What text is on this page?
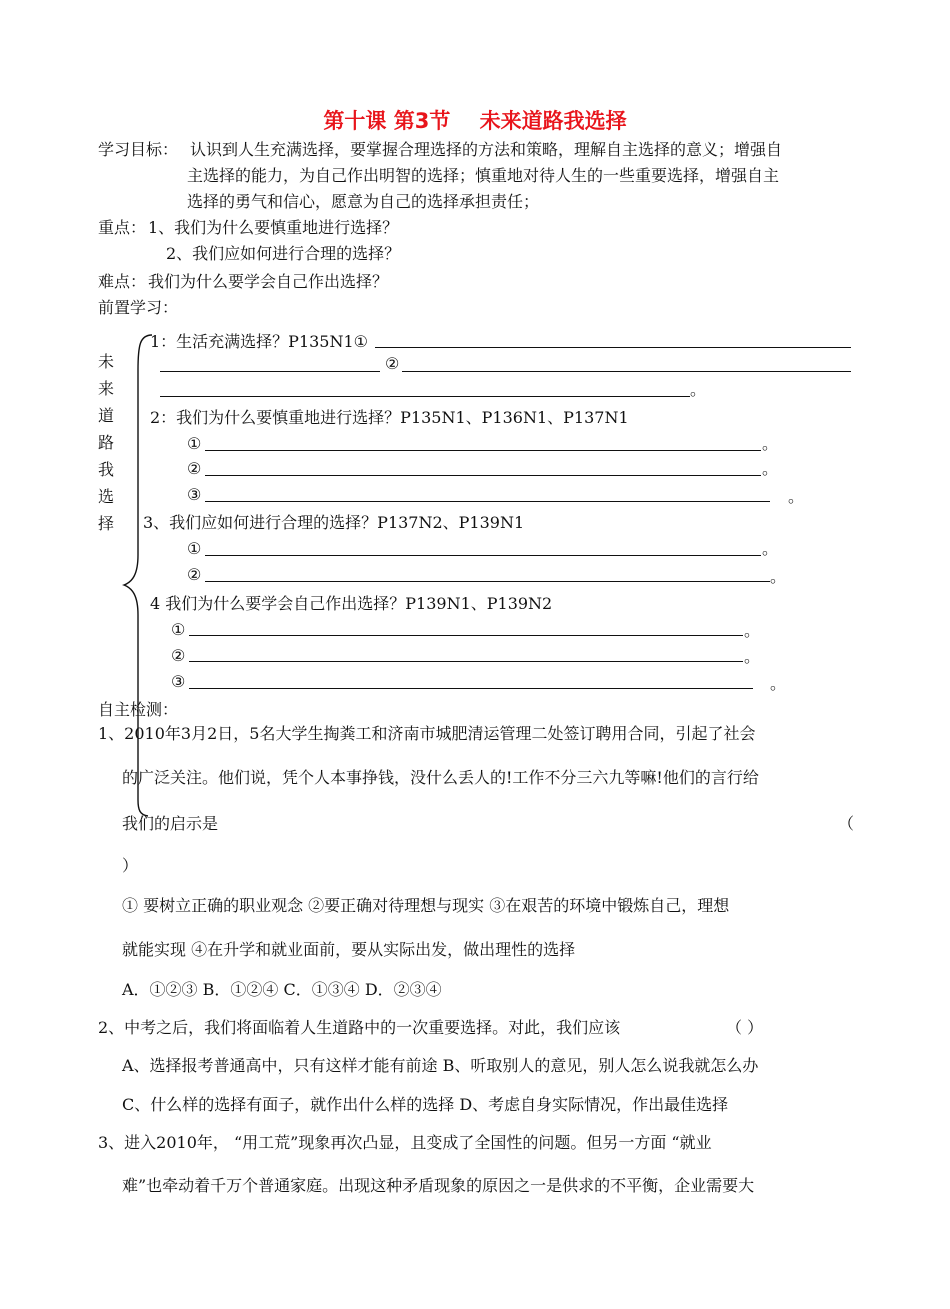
第十课 第3节    未来道路我选择
学习目标： 认识到人生充满选择，要掌握合理选择的方法和策略，理解自主选择的意义；增强自
主选择的能力，为自己作出明智的选择；慎重地对待人生的一些重要选择，增强自主
选择的勇气和信心，愿意为自己的选择承担责任；
重点： 1、我们为什么要慎重地进行选择？
2、我们应如何进行合理的选择？
难点： 我们为什么要学会自己作出选择？
前置学习：
未
来
道
路
我
选
择
1：生活充满选择？P135N1①
②
。
2：我们为什么要慎重地进行选择？P135N1、P136N1、P137N1
①	。
②	。
③	。
3、我们应如何进行合理的选择？P137N2、P139N1
①	。
②	。
4 我们为什么要学会自己作出选择？P139N1、P139N2
①	。
②	。
③	。
自主检测：
1、2010年3月2日，5名大学生掏粪工和济南市城肥清运管理二处签订聘用合同，引起了社会
的广泛关注。他们说，凭个人本事挣钱，没什么丢人的!工作不分三六九等嘛!他们的言行给
我们的启示是	（
）
① 要树立正确的职业观念 ②要正确对待理想与现实 ③在艰苦的环境中锻炼自己，理想
就能实现 ④在升学和就业面前，要从实际出发，做出理性的选择
A．①②③ B．①②④ C．①③④ D．②③④
2、中考之后，我们将面临着人生道路中的一次重要选择。对此，我们应该	（ ）
A、选择报考普通高中，只有这样才能有前途 B、听取别人的意见，别人怎么说我就怎么办
C、什么样的选择有面子，就作出什么样的选择 D、考虑自身实际情况，作出最佳选择
3、进入2010年， “用工荒”现象再次凸显，且变成了全国性的问题。但另一方面 “就业
难”也牵动着千万个普通家庭。出现这种矛盾现象的原因之一是供求的不平衡，企业需要大
